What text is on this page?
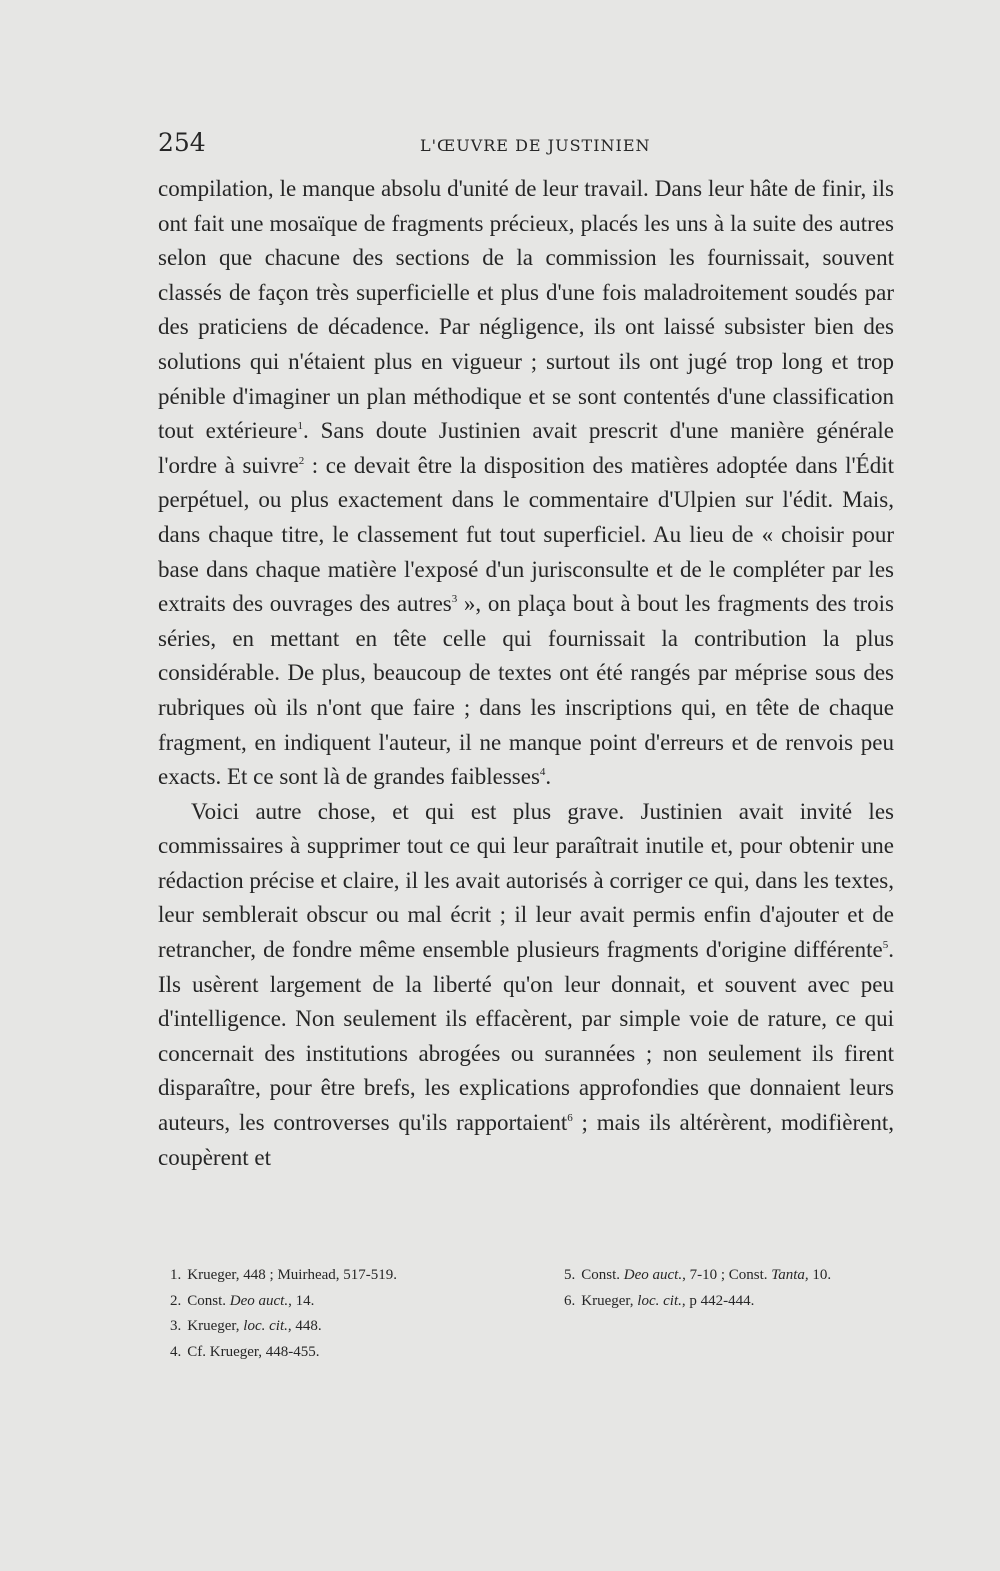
254	L'ŒUVRE DE JUSTINIEN

compilation, le manque absolu d'unité de leur travail. Dans leur hâte de finir, ils ont fait une mosaïque de fragments précieux, placés les uns à la suite des autres selon que chacune des sections de la commission les fournissait, souvent classés de façon très superficielle et plus d'une fois maladroitement soudés par des praticiens de décadence. Par négligence, ils ont laissé subsister bien des solutions qui n'étaient plus en vigueur ; surtout ils ont jugé trop long et trop pénible d'imaginer un plan méthodique et se sont contentés d'une classification tout extérieure$^1$. Sans doute Justinien avait prescrit d'une manière générale l'ordre à suivre$^2$ : ce devait être la disposition des matières adoptée dans l'Édit perpétuel, ou plus exactement dans le commentaire d'Ulpien sur l'édit. Mais, dans chaque titre, le classement fut tout superficiel. Au lieu de « choisir pour base dans chaque matière l'exposé d'un jurisconsulte et de le compléter par les extraits des ouvrages des autres$^3$ », on plaça bout à bout les fragments des trois séries, en mettant en tête celle qui fournissait la contribution la plus considérable. De plus, beaucoup de textes ont été rangés par méprise sous des rubriques où ils n'ont que faire ; dans les inscriptions qui, en tête de chaque fragment, en indiquent l'auteur, il ne manque point d'erreurs et de renvois peu exacts. Et ce sont là de grandes faiblesses$^4$.

Voici autre chose, et qui est plus grave. Justinien avait invité les commissaires à supprimer tout ce qui leur paraîtrait inutile et, pour obtenir une rédaction précise et claire, il les avait autorisés à corriger ce qui, dans les textes, leur semblerait obscur ou mal écrit ; il leur avait permis enfin d'ajouter et de retrancher, de fondre même ensemble plusieurs fragments d'origine différente$^5$. Ils usèrent largement de la liberté qu'on leur donnait, et souvent avec peu d'intelligence. Non seulement ils effacèrent, par simple voie de rature, ce qui concernait des institutions abrogées ou surannées ; non seulement ils firent disparaître, pour être brefs, les explications approfondies que donnaient leurs auteurs, les controverses qu'ils rapportaient$^6$ ; mais ils altérèrent, modifièrent, coupèrent et

1. Krueger, 448 ; Muirhead, 517-519.

2. Const. Deo auct., 14.

3. Krueger, loc. cit., 448.

4. Cf. Krueger, 448-455.

5. Const. Deo auct., 7-10 ; Const. Tanta, 10.

6. Krueger, loc. cit., p 442-444.
